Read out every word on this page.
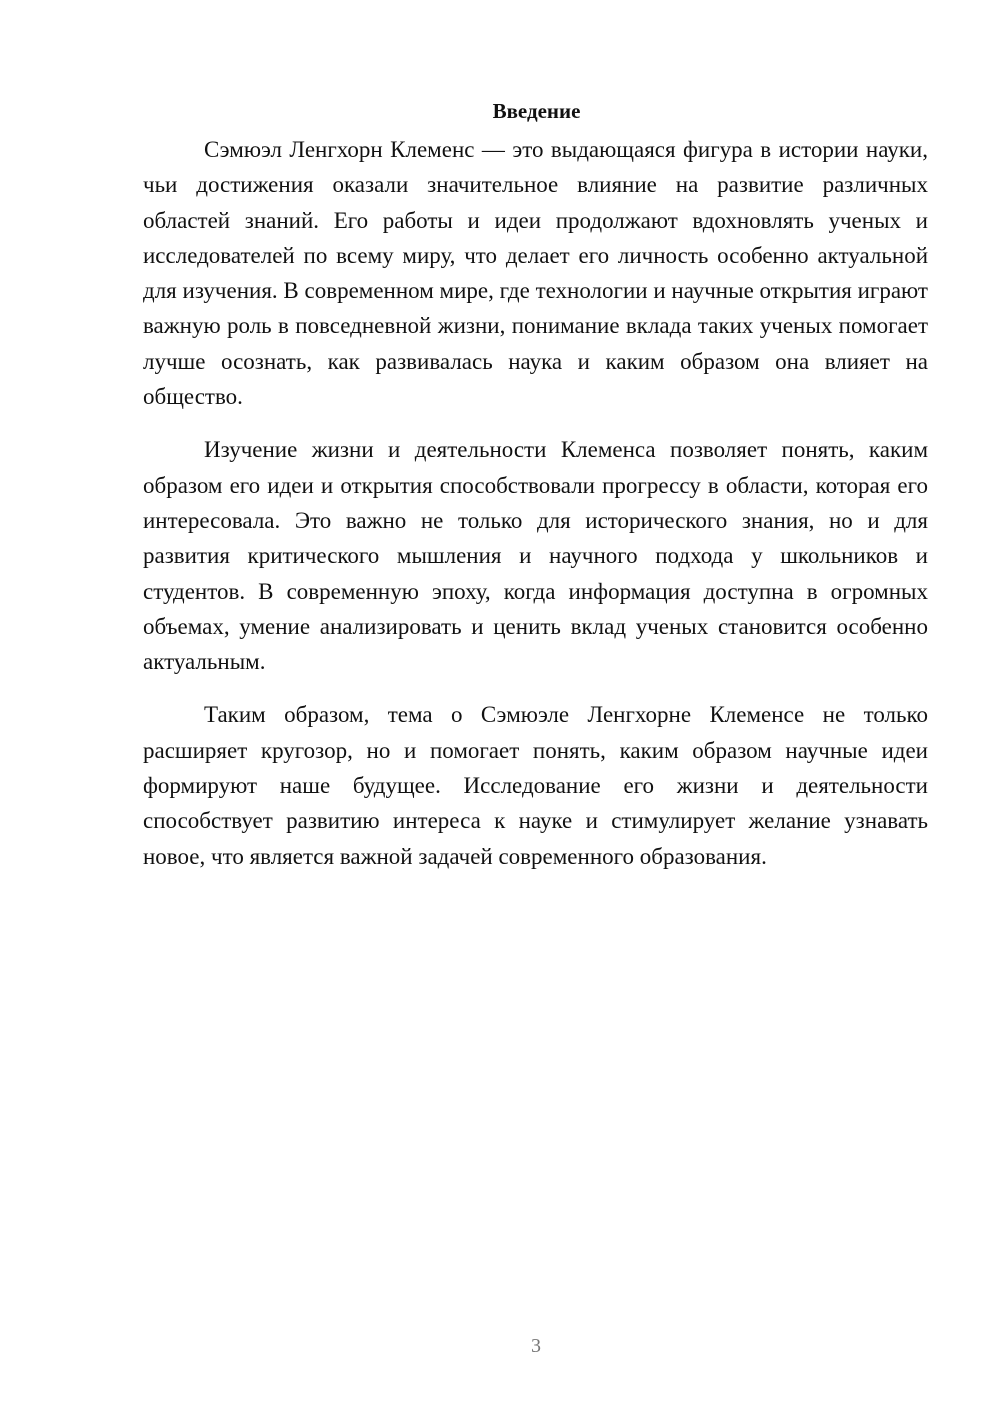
Введение

Сэмюэл Ленгхорн Клеменс — это выдающаяся фигура в истории науки, чьи достижения оказали значительное влияние на развитие различных областей знаний. Его работы и идеи продолжают вдохновлять ученых и исследователей по всему миру, что делает его личность особенно актуальной для изучения. В современном мире, где технологии и научные открытия играют важную роль в повседневной жизни, понимание вклада таких ученых помогает лучше осознать, как развивалась наука и каким образом она влияет на общество.

Изучение жизни и деятельности Клеменса позволяет понять, каким образом его идеи и открытия способствовали прогрессу в области, которая его интересовала. Это важно не только для исторического знания, но и для развития критического мышления и научного подхода у школьников и студентов. В современную эпоху, когда информация доступна в огромных объемах, умение анализировать и ценить вклад ученых становится особенно актуальным.

Таким образом, тема о Сэмюэле Ленгхорне Клеменсе не только расширяет кругозор, но и помогает понять, каким образом научные идеи формируют наше будущее. Исследование его жизни и деятельности способствует развитию интереса к науке и стимулирует желание узнавать новое, что является важной задачей современного образования.

3
